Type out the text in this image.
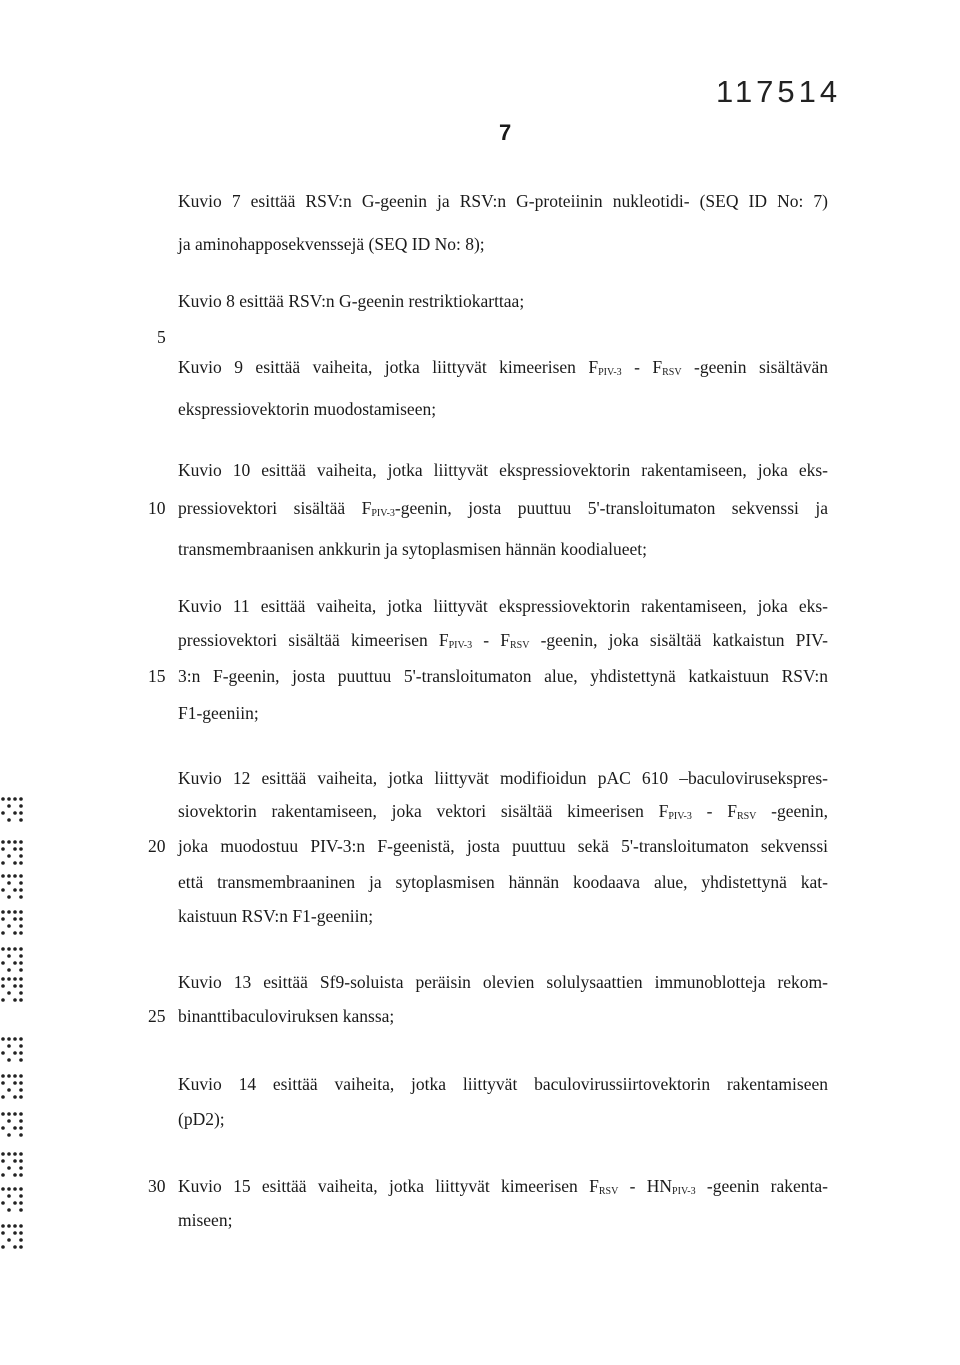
117514
7
5
10
15
20
25
30
Kuvio 7 esittää RSV:n G-geenin ja RSV:n G-proteiinin nukleotidi- (SEQ ID No: 7)
ja aminohapposekvenssejä (SEQ ID No: 8);
Kuvio 8 esittää RSV:n G-geenin restriktiokarttaa;
Kuvio 9 esittää vaiheita, jotka liittyvät kimeerisen $F_{PIV-3} - F_{RSV}$ -geenin sisältävän
ekspressiovektorin muodostamiseen;
Kuvio 10 esittää vaiheita, jotka liittyvät ekspressiovektorin rakentamiseen, joka eks-
pressiovektori sisältää $F_{PIV-3}$-geenin, josta puuttuu 5'-transloitumaton sekvenssi ja
transmembraanisen ankkurin ja sytoplasmisen hännän koodialueet;
Kuvio 11 esittää vaiheita, jotka liittyvät ekspressiovektorin rakentamiseen, joka eks-
pressiovektori sisältää kimeerisen $F_{PIV-3} - F_{RSV}$ -geenin, joka sisältää katkaistun PIV-
3:n F-geenin, josta puuttuu 5'-transloitumaton alue, yhdistettynä katkaistuun RSV:n
F1-geeniin;
Kuvio 12 esittää vaiheita, jotka liittyvät modifioidun pAC 610 –baculovirusekspres-
siovektorin rakentamiseen, joka vektori sisältää kimeerisen $F_{PIV-3} - F_{RSV}$ -geenin,
joka muodostuu PIV-3:n F-geenistä, josta puuttuu sekä 5'-transloitumaton sekvenssi
että transmembraaninen ja sytoplasmisen hännän koodaava alue, yhdistettynä kat-
kaistuun RSV:n F1-geeniin;
Kuvio 13 esittää Sf9-soluista peräisin olevien solulysaattien immunoblotteja rekom-
binanttibaculoviruksen kanssa;
Kuvio 14 esittää vaiheita, jotka liittyvät baculovirussiirtovektorin rakentamiseen
(pD2);
Kuvio 15 esittää vaiheita, jotka liittyvät kimeerisen $F_{RSV} - HN_{PIV-3}$ -geenin rakenta-
miseen;
